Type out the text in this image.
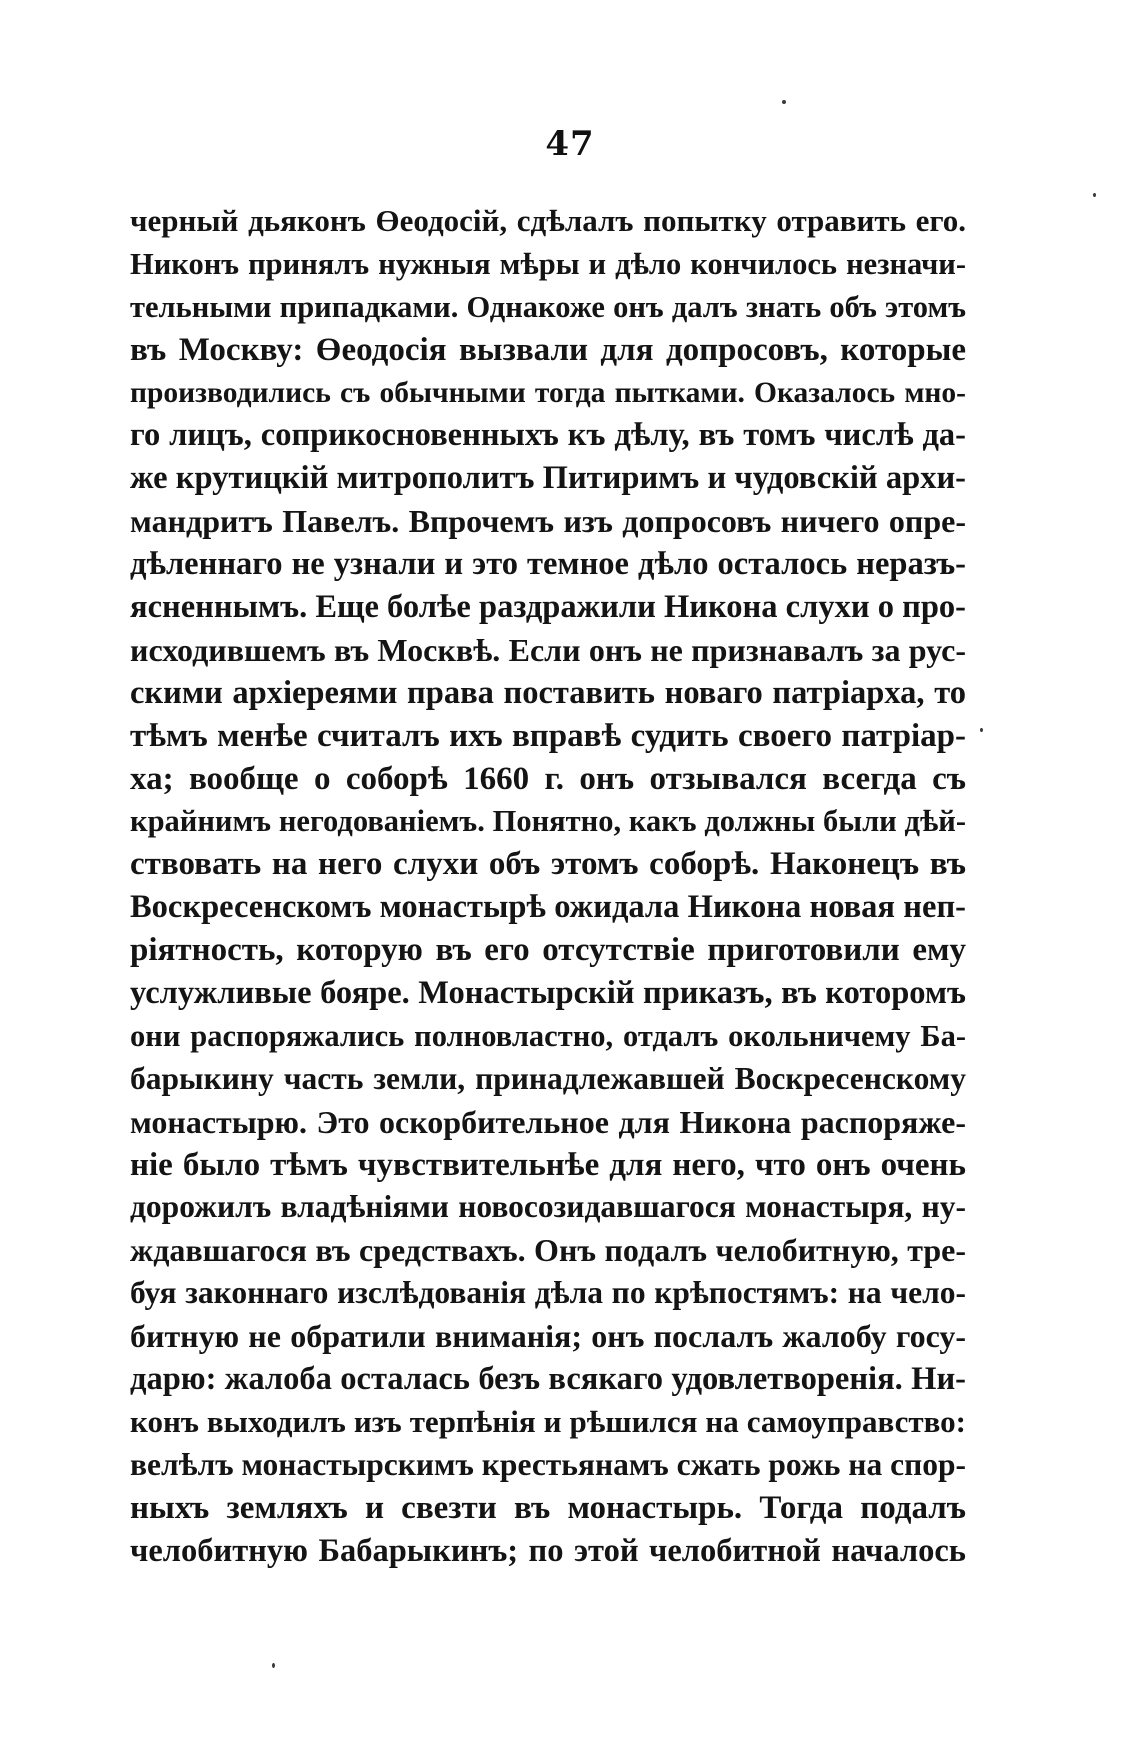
47
черный дьяконъ Өеодосій, сдѣлалъ попытку отравить его.
Никонъ принялъ нужныя мѣры и дѣло кончилось незначи-
тельными припадками. Однакоже онъ далъ знать объ этомъ
въ Москву: Өеодосія вызвали для допросовъ, которые
производились съ обычными тогда пытками. Оказалось мно-
го лицъ, соприкосновенныхъ къ дѣлу, въ томъ числѣ да-
же крутицкій митрополитъ Питиримъ и чудовскій архи-
мандритъ Павелъ. Впрочемъ изъ допросовъ ничего опре-
дѣленнаго не узнали и это темное дѣло осталось неразъ-
ясненнымъ. Еще болѣе раздражили Никона слухи о про-
исходившемъ въ Москвѣ. Если онъ не признавалъ за рус-
скими архіереями права поставить новаго патріарха, то
тѣмъ менѣе считалъ ихъ вправѣ судить своего патріар-
ха; вообще о соборѣ 1660 г. онъ отзывался всегда съ
крайнимъ негодованіемъ. Понятно, какъ должны были дѣй-
ствовать на него слухи объ этомъ соборѣ. Наконецъ въ
Воскресенскомъ монастырѣ ожидала Никона новая неп-
ріятность, которую въ его отсутствіе приготовили ему
услужливые бояре. Монастырскій приказъ, въ которомъ
они распоряжались полновластно, отдалъ окольничему Ба-
барыкину часть земли, принадлежавшей Воскресенскому
монастырю. Это оскорбительное для Никона распоряже-
ніе было тѣмъ чувствительнѣе для него, что онъ очень
дорожилъ владѣніями новосозидавшагося монастыря, ну-
ждавшагося въ средствахъ. Онъ подалъ челобитную, тре-
буя законнаго изслѣдованія дѣла по крѣпостямъ: на чело-
битную не обратили вниманія; онъ послалъ жалобу госу-
дарю: жалоба осталась безъ всякаго удовлетворенія. Ни-
конъ выходилъ изъ терпѣнія и рѣшился на самоуправство:
велѣлъ монастырскимъ крестьянамъ сжать рожь на спор-
ныхъ земляхъ и свезти въ монастырь. Тогда подалъ
челобитную Бабарыкинъ; по этой челобитной началось
